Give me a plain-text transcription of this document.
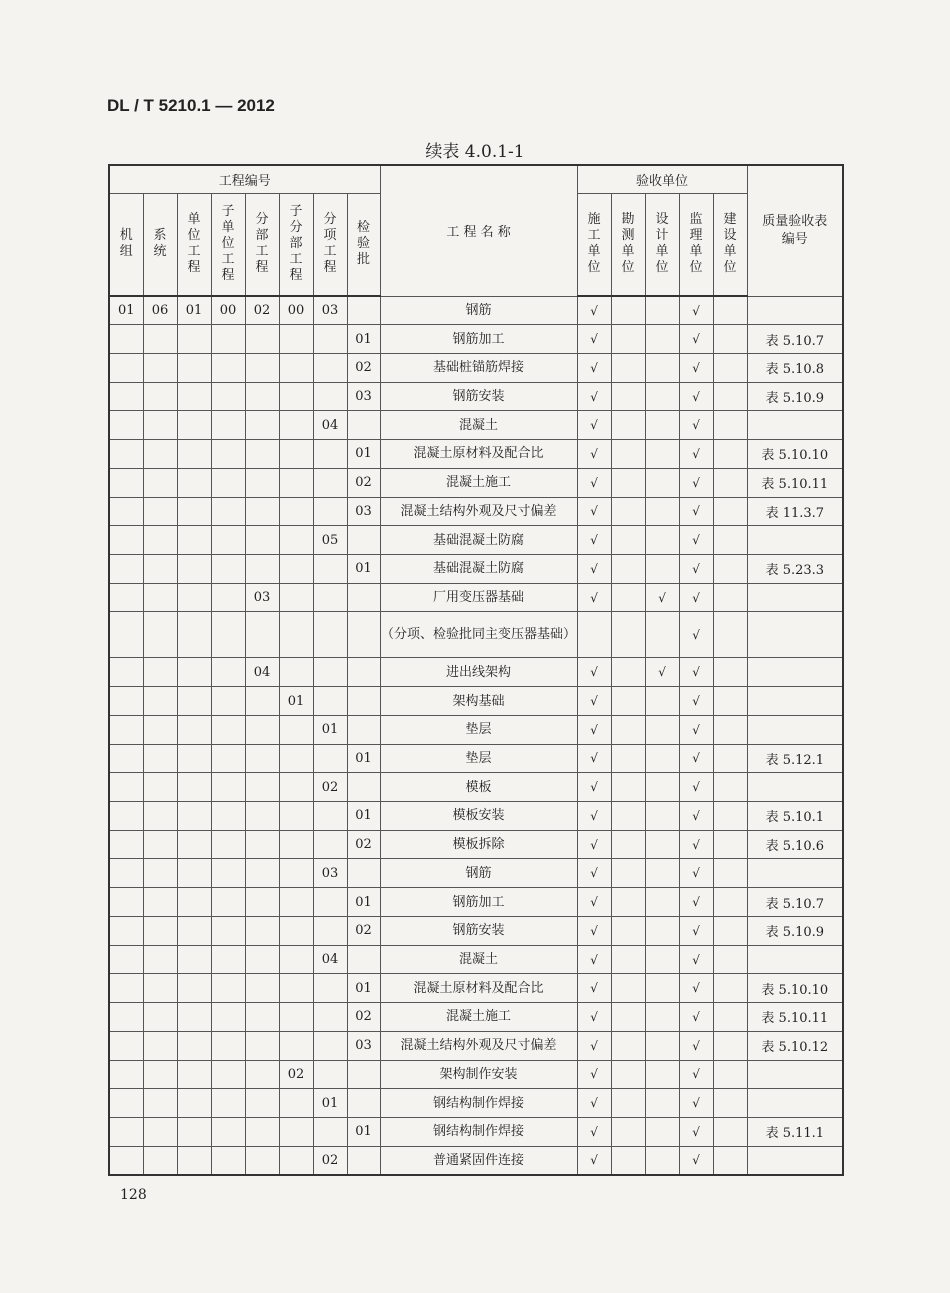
DL / T 5210.1 — 2012
续表 4.0.1-1
工程编号								工 程 名 称	验收单位					质量验收表编号
机组	系统	单位工程	子单位工程	分部工程	子分部工程	分项工程	检验批		施工单位	勘测单位	设计单位	监理单位	建设单位	
01	06	01	00	02	00	03		钢筋	√			√		
							01	钢筋加工	√			√		表 5.10.7
							02	基础桩锚筋焊接	√			√		表 5.10.8
							03	钢筋安装	√			√		表 5.10.9
						04		混凝土	√			√		
							01	混凝土原材料及配合比	√			√		表 5.10.10
							02	混凝土施工	√			√		表 5.10.11
							03	混凝土结构外观及尺寸偏差	√			√		表 11.3.7
						05		基础混凝土防腐	√			√		
							01	基础混凝土防腐	√			√		表 5.23.3
				03				厂用变压器基础	√		√	√		
								（分项、检验批同主变压器基础）				√		
				04				进出线架构	√		√	√		
					01			架构基础	√			√		
						01		垫层	√			√		
							01	垫层	√			√		表 5.12.1
						02		模板	√			√		
							01	模板安装	√			√		表 5.10.1
							02	模板拆除	√			√		表 5.10.6
						03		钢筋	√			√		
							01	钢筋加工	√			√		表 5.10.7
							02	钢筋安装	√			√		表 5.10.9
						04		混凝土	√			√		
							01	混凝土原材料及配合比	√			√		表 5.10.10
							02	混凝土施工	√			√		表 5.10.11
							03	混凝土结构外观及尺寸偏差	√			√		表 5.10.12
					02			架构制作安装	√			√		
						01		钢结构制作焊接	√			√		
							01	钢结构制作焊接	√			√		表 5.11.1
						02		普通紧固件连接	√			√		
128
